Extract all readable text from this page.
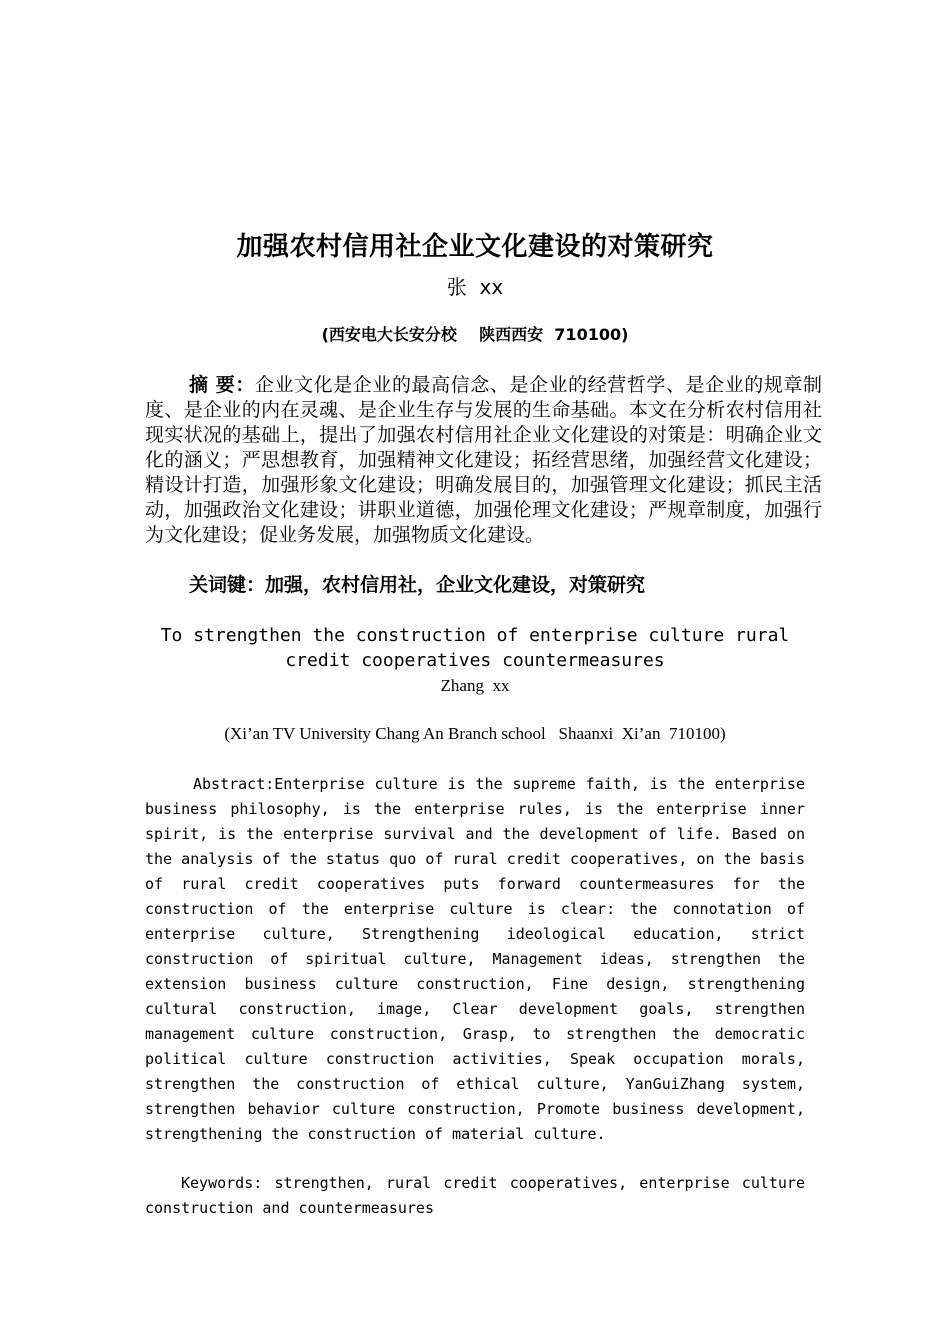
加强农村信用社企业文化建设的对策研究
张  xx
(西安电大长安分校    陕西西安  710100)

摘 要：企业文化是企业的最高信念、是企业的经营哲学、是企业的规章制度、是企业的内在灵魂、是企业生存与发展的生命基础。本文在分析农村信用社现实状况的基础上，提出了加强农村信用社企业文化建设的对策是：明确企业文化的涵义；严思想教育，加强精神文化建设；拓经营思绪，加强经营文化建设；精设计打造，加强形象文化建设；明确发展目的，加强管理文化建设；抓民主活动，加强政治文化建设；讲职业道德，加强伦理文化建设；严规章制度，加强行为文化建设；促业务发展，加强物质文化建设。

关词键：加强，农村信用社，企业文化建设，对策研究

To strengthen the construction of enterprise culture rural credit cooperatives countermeasures

Zhang  xx
(Xi’an TV University Chang An Branch school   Shaanxi  Xi’an  710100)

Abstract:Enterprise culture is the supreme faith, is the enterprise business philosophy, is the enterprise rules, is the enterprise inner spirit, is the enterprise survival and the development of life. Based on the analysis of the status quo of rural credit cooperatives, on the basis of rural credit cooperatives puts forward countermeasures for the construction of the enterprise culture is clear: the connotation of enterprise culture, Strengthening ideological education, strict construction of spiritual culture, Management ideas, strengthen the extension business culture construction, Fine design, strengthening cultural construction, image, Clear development goals, strengthen management culture construction, Grasp, to strengthen the democratic political culture construction activities, Speak occupation morals, strengthen the construction of ethical culture, YanGuiZhang system, strengthen behavior culture construction, Promote business development, strengthening the construction of material culture.

Keywords: strengthen, rural credit cooperatives, enterprise culture construction and countermeasures
